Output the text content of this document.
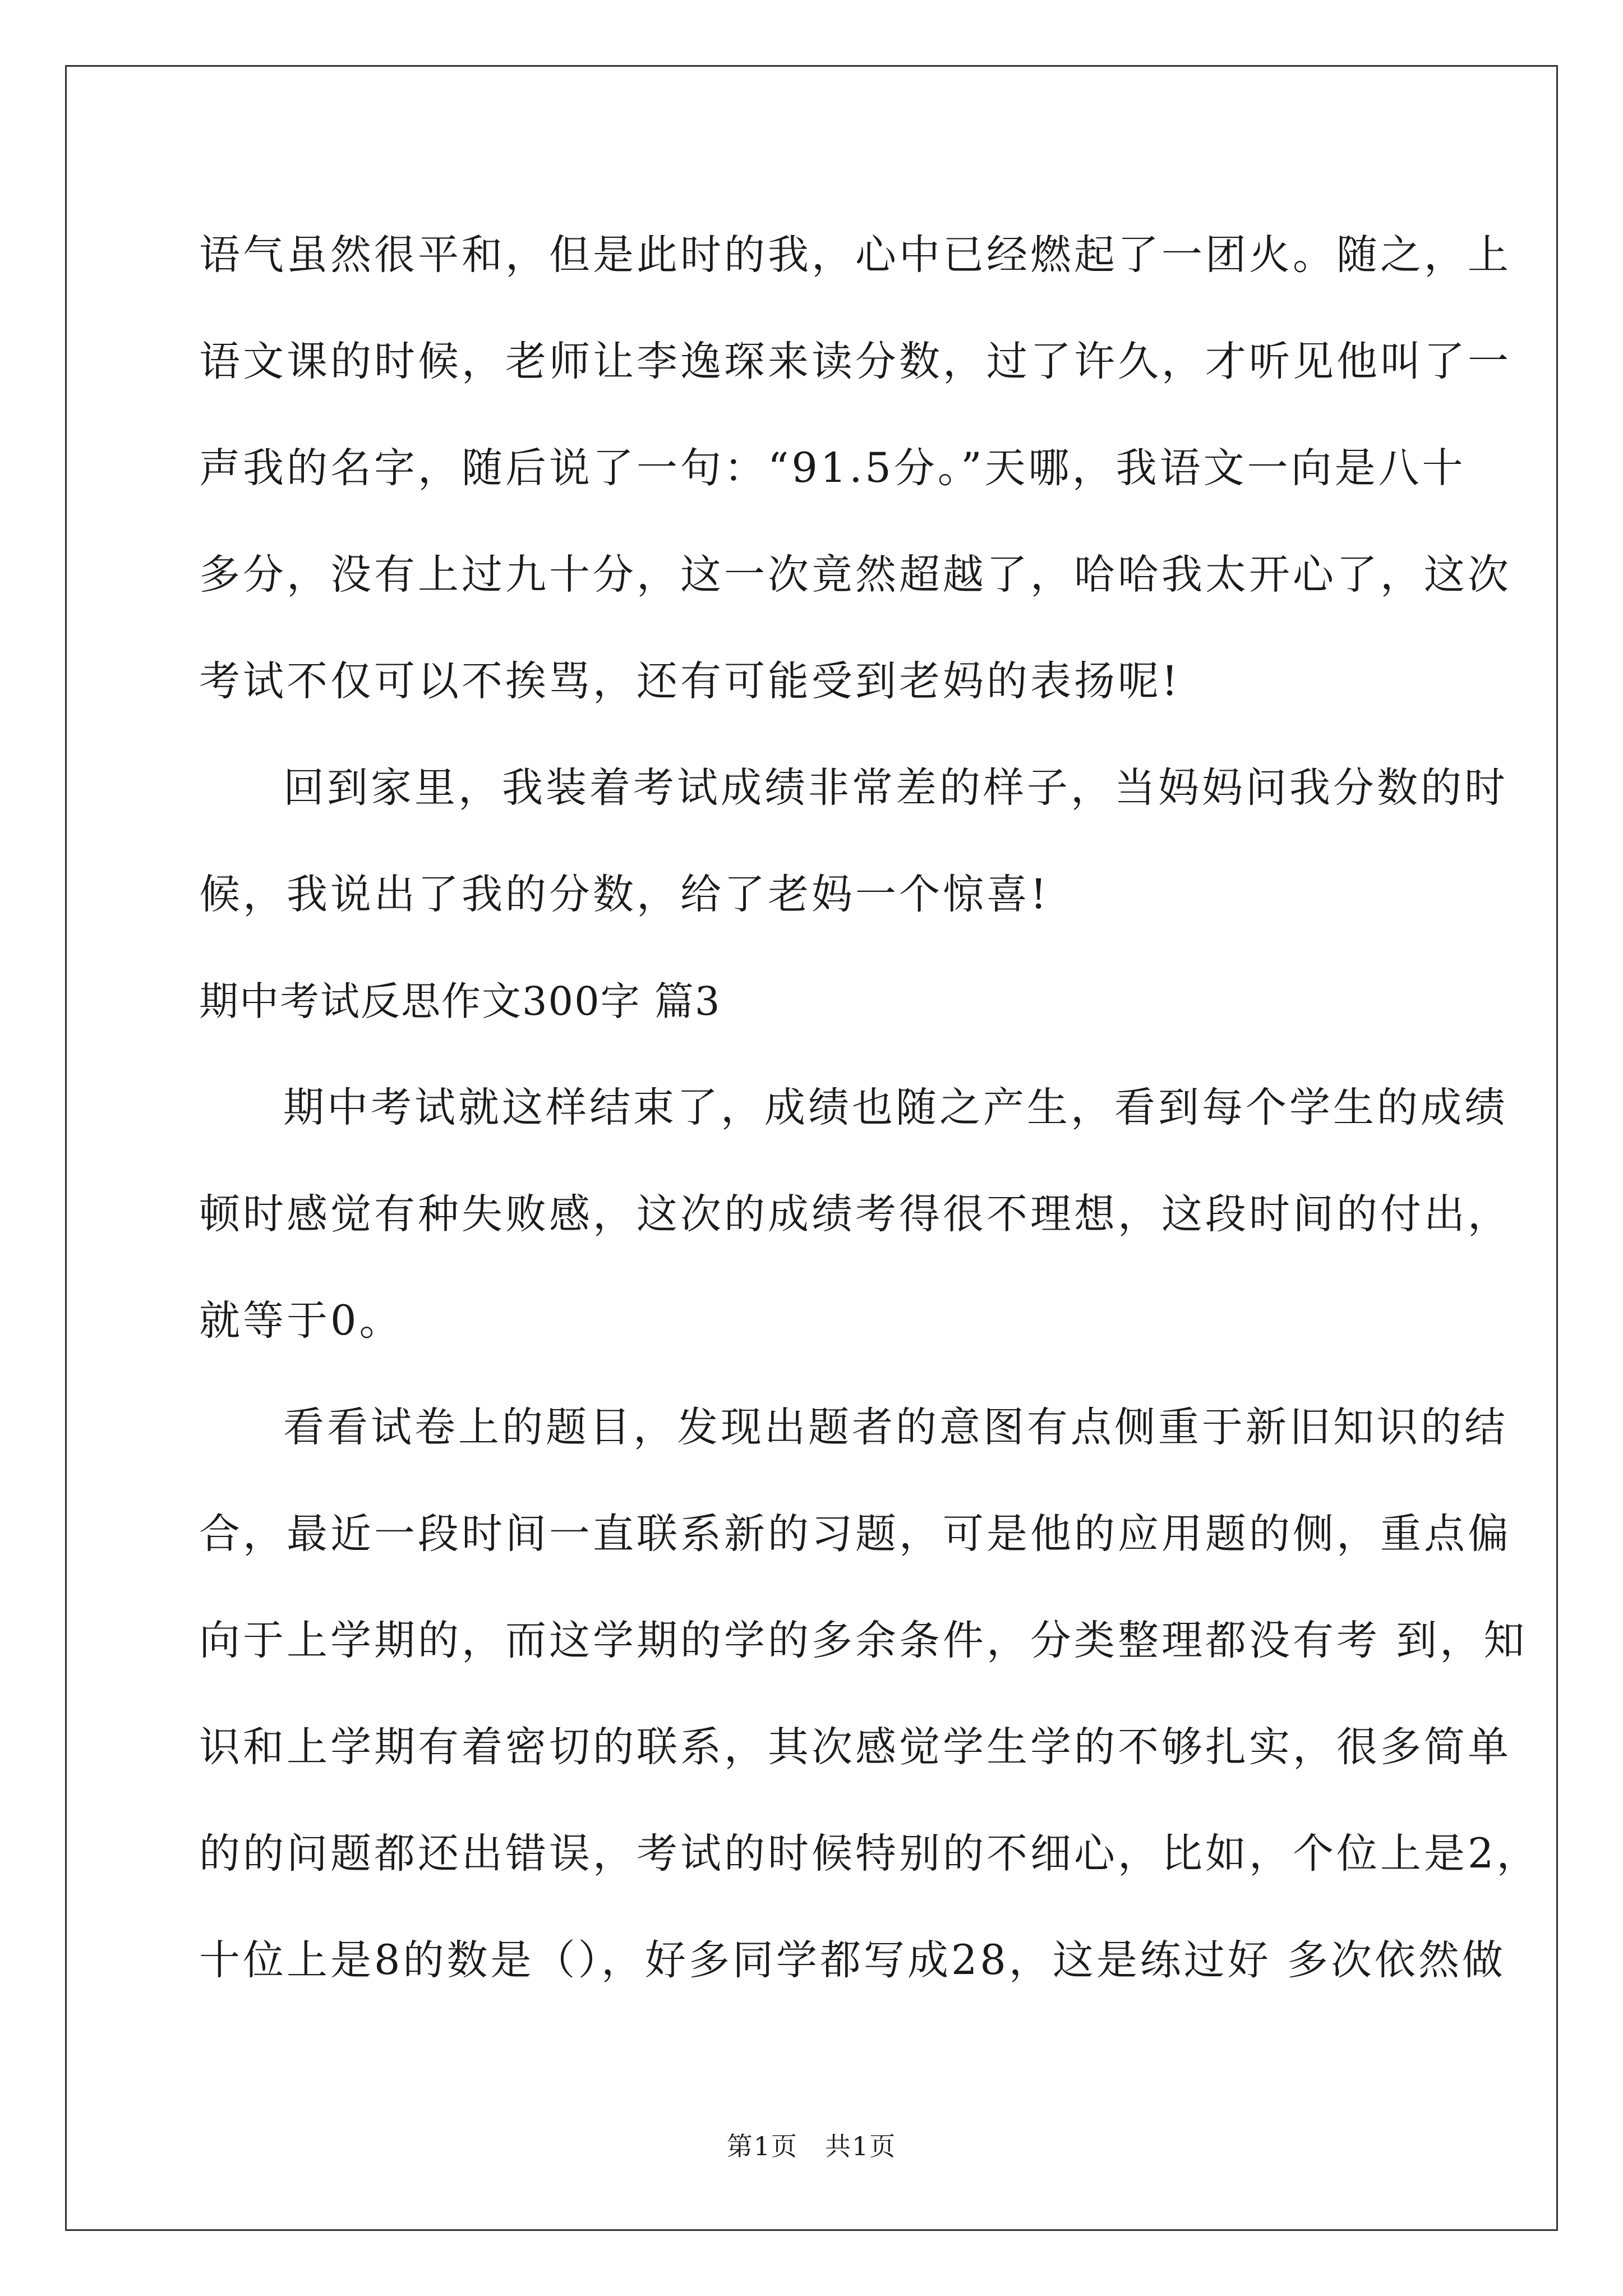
语气虽然很平和，但是此时的我，心中已经燃起了一团火。随之，上
语文课的时候，老师让李逸琛来读分数，过了许久，才听见他叫了一
声我的名字，随后说了一句：“91.5分。”天哪，我语文一向是八十
多分，没有上过九十分，这一次竟然超越了，哈哈我太开心了，这次
考试不仅可以不挨骂，还有可能受到老妈的表扬呢!
回到家里，我装着考试成绩非常差的样子，当妈妈问我分数的时
候，我说出了我的分数，给了老妈一个惊喜!
期中考试反思作文300字 篇3
期中考试就这样结束了，成绩也随之产生，看到每个学生的成绩
顿时感觉有种失败感，这次的成绩考得很不理想，这段时间的付出，
就等于0。
看看试卷上的题目，发现出题者的意图有点侧重于新旧知识的结
合，最近一段时间一直联系新的习题，可是他的应用题的侧，重点偏
向于上学期的，而这学期的学的多余条件，分类整理都没有考 到，知
识和上学期有着密切的联系，其次感觉学生学的不够扎实，很多简单
的的问题都还出错误，考试的时候特别的不细心，比如，个位上是2，
十位上是8的数是（），好多同学都写成28，这是练过好 多次依然做
第1页　共1页
